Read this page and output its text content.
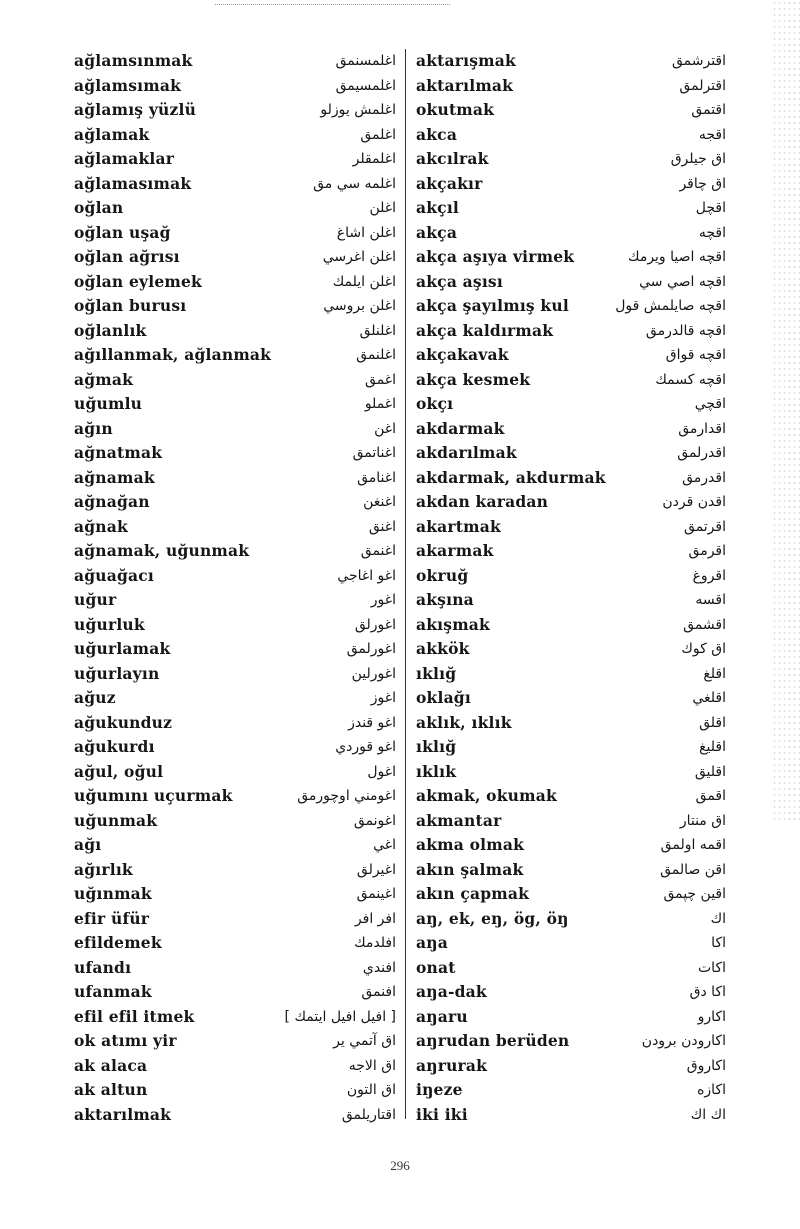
ağlamsınmak	اغلمسنمق
ağlamsımak	اغلمسيمق
ağlamış yüzlü	اغلمش يوزلو
ağlamak	اغلمق
ağlamaklar	اغلمقلر
ağlamasımak	اغلمه سي مق
oğlan	اغلن
oğlan uşağ	اغلن اشاغ
oğlan ağrısı	اغلن اغرسي
oğlan eylemek	اغلن ايلمك
oğlan burusı	اغلن بروسي
oğlanlık	اغلنلق
ağıllanmak, ağlanmak	اغلنمق
ağmak	اغمق
uğumlu	اغملو
ağın	اغن
ağnatmak	اغناتمق
ağnamak	اغنامق
ağnağan	اغنغن
ağnak	اغنق
ağnamak, uğunmak	اغنمق
ağuağacı	اغو اغاجي
uğur	اغور
uğurluk	اغورلق
uğurlamak	اغورلمق
uğurlayın	اغورلين
ağuz	اغوز
ağukunduz	اغو قندز
ağukurdı	اغو قوردي
ağul, oğul	اغول
uğumını uçurmak	اغومني اوچورمق
uğunmak	اغونمق
ağı	اغي
ağırlık	اغيرلق
uğınmak	اغينمق
efir üfür	افر افر
efildemek	افلدمك
ufandı	افندي
ufanmak	افنمق
efil efil itmek	[ افيل افيل ايتمك ]
ok atımı yir	اق آتمي ير
ak alaca	اق الاجه
ak altun	اق التون
aktarılmak	اقتاريلمق
aktarışmak	اقترشمق
aktarılmak	اقترلمق
okutmak	اقتمق
akca	اقجه
akcılrak	اق جيلرق
akçakır	اق چاقر
akçıl	اقچل
akça	اقچه
akça aşıya virmek	اقچه اصيا ويرمك
akça aşısı	اقچه اصي سي
akça şayılmış kul	اقچه صايلمش قول
akça kaldırmak	اقچه قالدرمق
akçakavak	اقچه قواق
akça kesmek	اقچه كسمك
okçı	اقچي
akdarmak	اقدارمق
akdarılmak	اقدرلمق
akdarmak, akdurmak	اقدرمق
akdan karadan	اقدن قردن
akartmak	اقرتمق
akarmak	اقرمق
okruğ	اقروغ
akşına	اقسه
akışmak	اقشمق
akkök	اق كوك
ıklığ	اقلغ
oklağı	اقلغي
aklık, ıklık	اقلق
ıklığ	اقليغ
ıklık	اقليق
akmak, okumak	اقمق
akmantar	اق منتار
akma olmak	اقمه اولمق
akın şalmak	اقن صالمق
akın çapmak	اقين چپمق
aŋ, ek, eŋ, ög, öŋ	اك
aŋa	اكا
onat	اكات
aŋa-dak	اكا دق
aŋaru	اكارو
aŋrudan berüden	اكارودن برودن
aŋrurak	اكاروق
iŋeze	اكازه
iki iki	اك اك
296
